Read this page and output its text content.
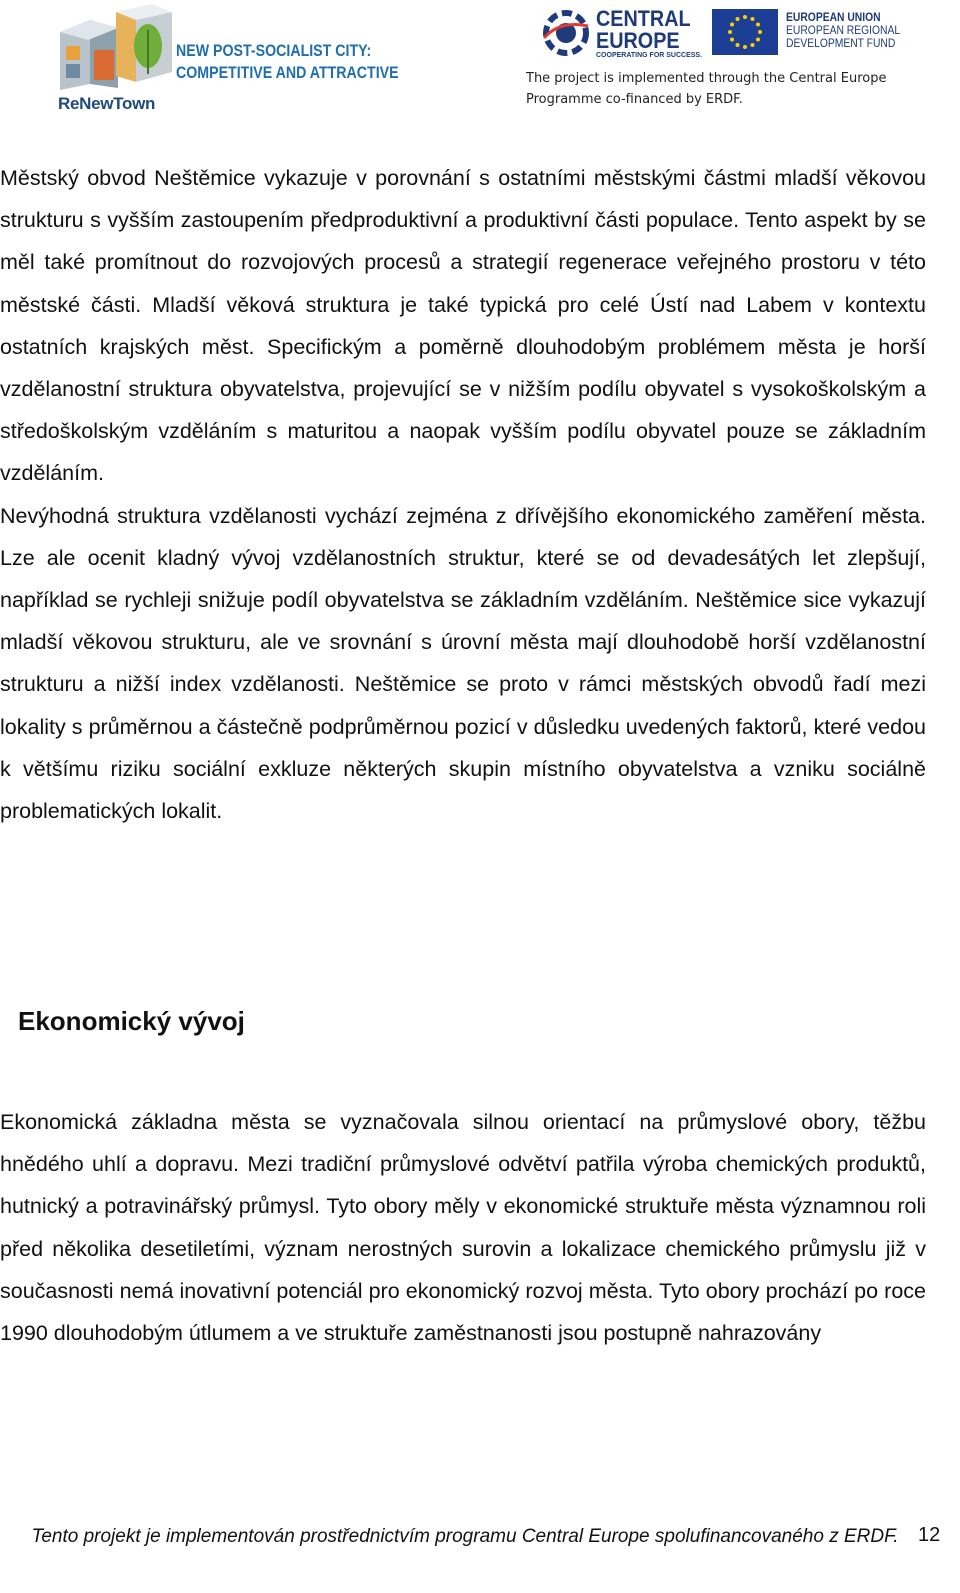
NEW POST-SOCIALIST CITY:
COMPETITIVE AND ATTRACTIVE
ReNewTown
CENTRAL
EUROPE
COOPERATING FOR SUCCESS.
EUROPEAN UNION
EUROPEAN REGIONAL
DEVELOPMENT FUND
The project is implemented through the Central Europe
Programme co-financed by ERDF.

Městský obvod Neštěmice vykazuje v porovnání s ostatními městskými částmi mladší věkovou strukturu s vyšším zastoupením předproduktivní a produktivní části populace. Tento aspekt by se měl také promítnout do rozvojových procesů a strategií regenerace veřejného prostoru v této městské části. Mladší věková struktura je také typická pro celé Ústí nad Labem v kontextu ostatních krajských měst. Specifickým a poměrně dlouhodobým problémem města je horší vzdělanostní struktura obyvatelstva, projevující se v nižším podílu obyvatel s vysokoškolským a středoškolským vzděláním s maturitou a naopak vyšším podílu obyvatel pouze se základním vzděláním.

Nevýhodná struktura vzdělanosti vychází zejména z dřívějšího ekonomického zaměření města. Lze ale ocenit kladný vývoj vzdělanostních struktur, které se od devadesátých let zlepšují, například se rychleji snižuje podíl obyvatelstva se základním vzděláním. Neštěmice sice vykazují mladší věkovou strukturu, ale ve srovnání s úrovní města mají dlouhodobě horší vzdělanostní strukturu a nižší index vzdělanosti. Neštěmice se proto v rámci městských obvodů řadí mezi lokality s průměrnou a částečně podprůměrnou pozicí v důsledku uvedených faktorů, které vedou k většímu riziku sociální exkluze některých skupin místního obyvatelstva a vzniku sociálně problematických lokalit.

Ekonomický vývoj

Ekonomická základna města se vyznačovala silnou orientací na průmyslové obory, těžbu hnědého uhlí a dopravu. Mezi tradiční průmyslové odvětví patřila výroba chemických produktů, hutnický a potravinářský průmysl. Tyto obory měly v ekonomické struktuře města významnou roli před několika desetiletími, význam nerostných surovin a lokalizace chemického průmyslu již v současnosti nemá inovativní potenciál pro ekonomický rozvoj města. Tyto obory prochází po roce 1990 dlouhodobým útlumem a ve struktuře zaměstnanosti jsou postupně nahrazovány

Tento projekt je implementován prostřednictvím programu Central Europe spolufinancovaného z ERDF. 12
